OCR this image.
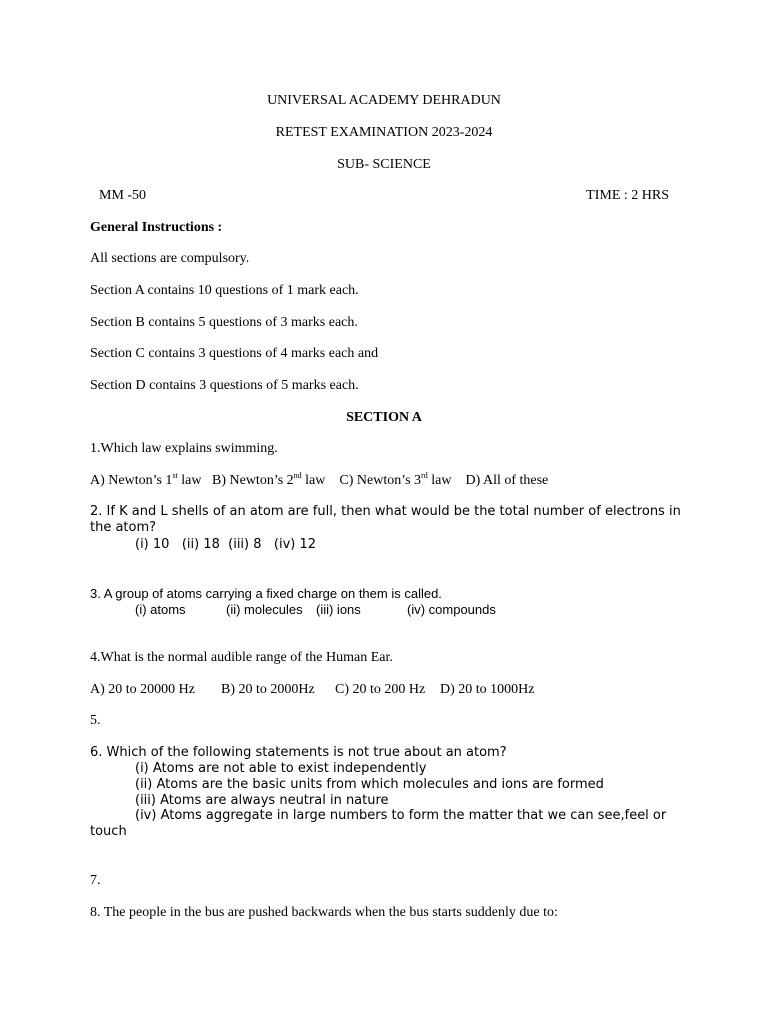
UNIVERSAL ACADEMY DEHRADUN
RETEST EXAMINATION 2023-2024
SUB- SCIENCE
MM -50	TIME : 2 HRS
General Instructions :
All sections are compulsory.
Section A contains 10 questions of 1 mark each.
Section B contains 5 questions of 3 marks each.
Section C contains 3 questions of 4 marks each and
Section D contains 3 questions of 5 marks each.
SECTION A
1.Which law explains swimming.
A) Newton’s 1st law B) Newton’s 2nd law C) Newton’s 3rd law D) All of these
2. If K and L shells of an atom are full, then what would be the total number of electrons in the atom?
(i) 10   (ii) 18  (iii) 8   (iv) 12
3. A group of atoms carrying a fixed charge on them is called.
(i) atoms	(ii) molecules (iii) ions	(iv) compounds
4.What is the normal audible range of the Human Ear.
A) 20 to 20000 Hz B) 20 to 2000Hz C) 20 to 200 Hz D) 20 to 1000Hz
5.
6. Which of the following statements is not true about an atom?
(i) Atoms are not able to exist independently
(ii) Atoms are the basic units from which molecules and ions are formed
(iii) Atoms are always neutral in nature
(iv) Atoms aggregate in large numbers to form the matter that we can see,feel or
touch
7.
8. The people in the bus are pushed backwards when the bus starts suddenly due to:
